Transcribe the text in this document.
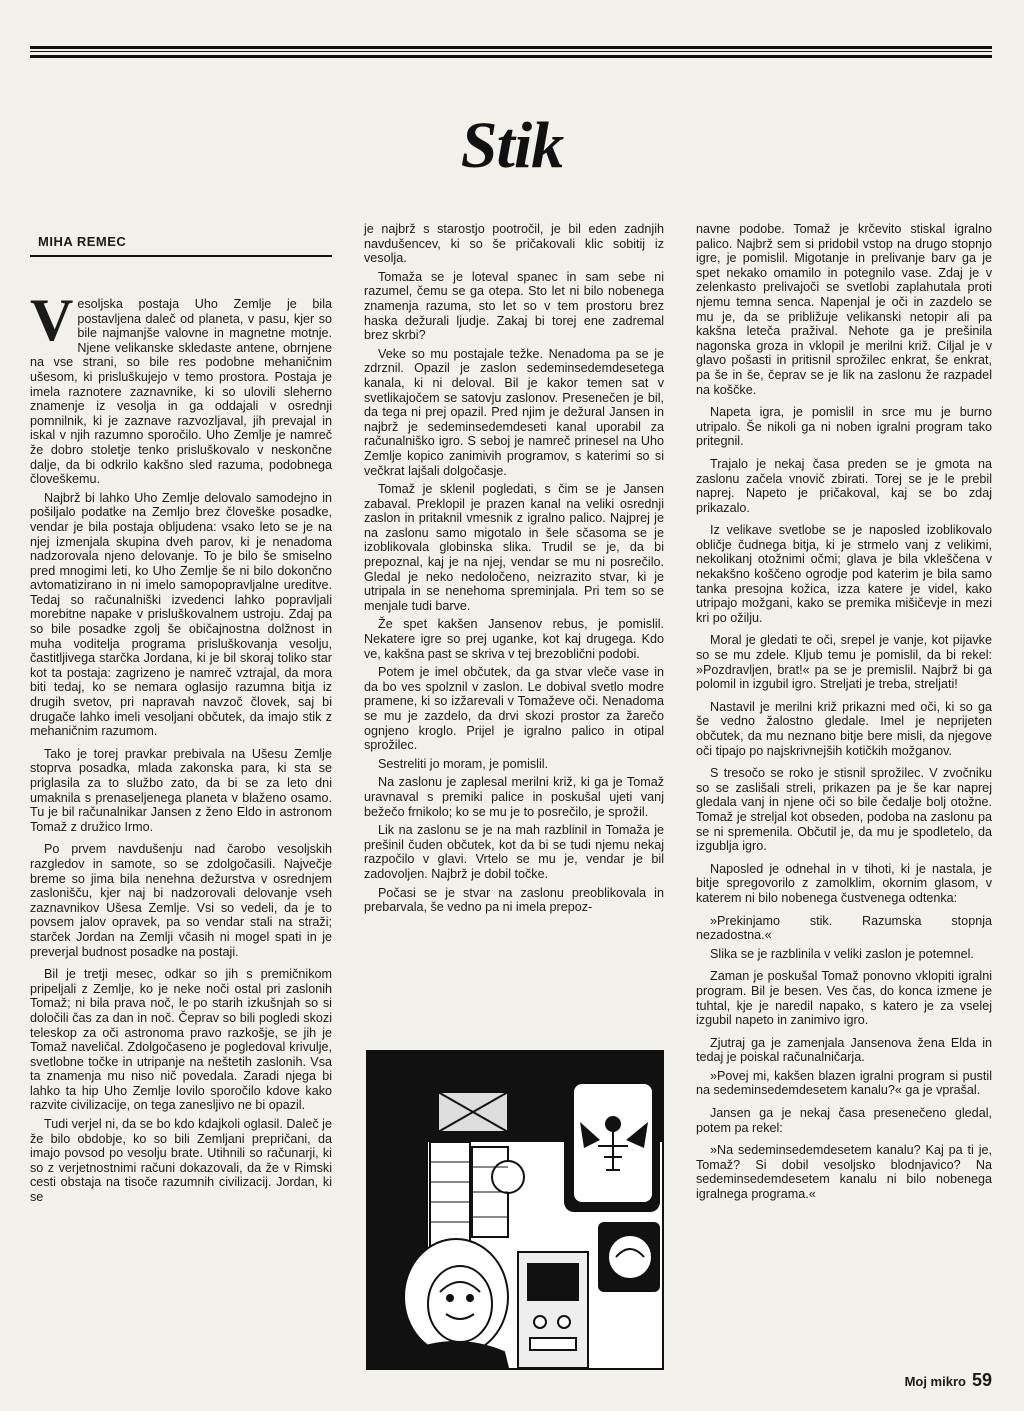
Stik
MIHA REMEC

Vesoljska postaja Uho Zemlje je bila postavljena daleč od planeta, v pasu, kjer so bile najmanjše valovne in magnetne motnje. Njene velikanske skledaste antene, obrnjene na vse strani, so bile res podobne mehaničnim ušesom, ki prisluškujejo v temo prostora. Postaja je imela raznotere zaznavnike, ki so ulovili sleherno znamenje iz vesolja in ga oddajali v osrednji pomnilnik, ki je zaznave razvozljaval, jih prevajal in iskal v njih razumno sporočilo. Uho Zemlje je namreč že dobro stoletje tenko prisluškovalo v neskončne dalje, da bi odkrilo kakšno sled razuma, podobnega človeškemu.

Najbrž bi lahko Uho Zemlje delovalo samodejno in pošiljalo podatke na Zemljo brez človeške posadke, vendar je bila postaja obljudena: vsako leto se je na njej izmenjala skupina dveh parov, ki je nenadoma nadzorovala njeno delovanje. To je bilo še smiselno pred mnogimi leti, ko Uho Zemlje še ni bilo dokončno avtomatizirano in ni imelo samopopravljalne ureditve. Tedaj so računalniški izvedenci lahko popravljali morebitne napake v prisluškovalnem ustroju. Zdaj pa so bile posadke zgolj še običajnostna dolžnost in muha voditelja programa prisluškovanja vesolju, častitljivega starčka Jordana, ki je bil skoraj toliko star kot ta postaja: zagrizeno je namreč vztrajal, da mora biti tedaj, ko se nemara oglasijo razumna bitja iz drugih svetov, pri napravah navzoč človek, saj bi drugače lahko imeli vesoljani občutek, da imajo stik z mehaničnim razumom.

Tako je torej pravkar prebivala na Ušesu Zemlje stoprva posadka, mlada zakonska para, ki sta se priglasila za to službo zato, da bi se za leto dni umaknila s prenaseljenega planeta v blaženo osamo. Tu je bil računalnikar Jansen z ženo Eldo in astronom Tomaž z družico Irmo.

Po prvem navdušenju nad čarobo vesoljskih razgledov in samote, so se zdolgočasili. Največje breme so jima bila nenehna dežurstva v osrednjem zaslonišču, kjer naj bi nadzorovali delovanje vseh zaznavnikov Ušesa Zemlje. Vsi so vedeli, da je to povsem jalov opravek, pa so vendar stali na straži; starček Jordan na Zemlji včasih ni mogel spati in je preverjal budnost posadke na postaji.

Bil je tretji mesec, odkar so jih s premičnikom pripeljali z Zemlje, ko je neke noči ostal pri zaslonih Tomaž; ni bila prava noč, le po starih izkušnjah so si določili čas za dan in noč. Čeprav so bili pogledi skozi teleskop za oči astronoma pravo razkošje, se jih je Tomaž naveličal. Zdolgočaseno je pogledoval krivulje, svetlobne točke in utripanje na neštetih zaslonih. Vsa ta znamenja mu niso nič povedala. Zaradi njega bi lahko ta hip Uho Zemlje lovilo sporočilo kdove kako razvite civilizacije, on tega zanesljivo ne bi opazil.

Tudi verjel ni, da se bo kdo kdajkoli oglasil. Daleč je že bilo obdobje, ko so bili Zemljani prepričani, da imajo povsod po vesolju brate. Utihnili so računarji, ki so z verjetnostnimi računi dokazovali, da že v Rimski cesti obstaja na tisoče razumnih civilizacij. Jordan, ki se

je najbrž s starostjo pootročil, je bil eden zadnjih navdušencev, ki so še pričakovali klic sobitij iz vesolja.

Tomaža se je loteval spanec in sam sebe ni razumel, čemu se ga otepa. Sto let ni bilo nobenega znamenja razuma, sto let so v tem prostoru brez haska dežurali ljudje. Zakaj bi torej ene zadremal brez skrbi?

Veke so mu postajale težke. Nenadoma pa se je zdrznil. Opazil je zaslon sedeminsedemdesetega kanala, ki ni deloval. Bil je kakor temen sat v svetlikajočem se satovju zaslonov. Presenečen je bil, da tega ni prej opazil. Pred njim je dežural Jansen in najbrž je sedeminsedemdeseti kanal uporabil za računalniško igro. S seboj je namreč prinesel na Uho Zemlje kopico zanimivih programov, s katerimi so si večkrat lajšali dolgočasje.

Tomaž je sklenil pogledati, s čim se je Jansen zabaval. Preklopil je prazen kanal na veliki osrednji zaslon in pritaknil vmesnik z igralno palico. Najprej je na zaslonu samo migotalo in šele sčasoma se je izoblikovala globinska slika. Trudil se je, da bi prepoznal, kaj je na njej, vendar se mu ni posrečilo. Gledal je neko nedoločeno, neizrazito stvar, ki je utripala in se nenehoma spreminjala. Pri tem so se menjale tudi barve.

Že spet kakšen Jansenov rebus, je pomislil. Nekatere igre so prej uganke, kot kaj drugega. Kdo ve, kakšna past se skriva v tej brezoblični podobi.

Potem je imel občutek, da ga stvar vleče vase in da bo ves spolznil v zaslon. Le dobival svetlo modre pramene, ki so izžarevali v Tomaževe oči. Nenadoma se mu je zazdelo, da drvi skozi prostor za žarečo ognjeno kroglo. Prijel je igralno palico in otipal sprožilec.

Sestreliti jo moram, je pomislil.

Na zaslonu je zaplesal merilni križ, ki ga je Tomaž uravnaval s premiki palice in poskušal ujeti vanj bežečo frnikolo; ko se mu je to posrečilo, je sprožil.

Lik na zaslonu se je na mah razblinil in Tomaža je prešinil čuden občutek, kot da bi se tudi njemu nekaj razpočilo v glavi. Vrtelo se mu je, vendar je bil zadovoljen. Najbrž je dobil točke.

Počasi se je stvar na zaslonu preoblikovala in prebarvala, še vedno pa ni imela prepoz-

navne podobe. Tomaž je krčevito stiskal igralno palico. Najbrž sem si pridobil vstop na drugo stopnjo igre, je pomislil. Migotanje in prelivanje barv ga je spet nekako omamilo in potegnilo vase. Zdaj je v zelenkasto prelivajoči se svetlobi zaplahutala proti njemu temna senca. Napenjal je oči in zazdelo se mu je, da se približuje velikanski netopir ali pa kakšna leteča pražival. Nehote ga je prešinila nagonska groza in vklopil je merilni križ. Ciljal je v glavo pošasti in pritisnil sprožilec enkrat, še enkrat, pa še in še, čeprav se je lik na zaslonu že razpadel na koščke.

Napeta igra, je pomislil in srce mu je burno utripalo. Še nikoli ga ni noben igralni program tako pritegnil.

Trajalo je nekaj časa preden se je gmota na zaslonu začela vnovič zbirati. Torej se je le prebil naprej. Napeto je pričakoval, kaj se bo zdaj prikazalo.

Iz velikave svetlobe se je naposled izoblikovalo obličje čudnega bitja, ki je strmelo vanj z velikimi, nekolikanj otožnimi očmi; glava je bila vkleščena v nekakšno koščeno ogrodje pod katerim je bila samo tanka presojna kožica, izza katere je videl, kako utripajo možgani, kako se premika mišičevje in mezi kri po ožilju.

Moral je gledati te oči, srepel je vanje, kot pijavke so se mu zdele. Kljub temu je pomislil, da bi rekel: »Pozdravljen, brat!« pa se je premislil. Najbrž bi ga polomil in izgubil igro. Streljati je treba, streljati!

Nastavil je merilni križ prikazni med oči, ki so ga še vedno žalostno gledale. Imel je neprijeten občutek, da mu neznano bitje bere misli, da njegove oči tipajo po najskrivnejših kotičkih možganov.

S tresočo se roko je stisnil sprožilec. V zvočniku so se zaslišali streli, prikazen pa je še kar naprej gledala vanj in njene oči so bile čedalje bolj otožne. Tomaž je streljal kot obseden, podoba na zaslonu pa se ni spremenila. Občutil je, da mu je spodletelo, da izgublja igro.

Naposled je odnehal in v tihoti, ki je nastala, je bitje spregovorilo z zamolklim, okornim glasom, v katerem ni bilo nobenega čustvenega odtenka:

»Prekinjamo stik. Razumska stopnja nezadostna.«

Slika se je razblinila v veliki zaslon je potemnel.

Zaman je poskušal Tomaž ponovno vklopiti igralni program. Bil je besen. Ves čas, do konca izmene je tuhtal, kje je naredil napako, s katero je za vselej izgubil napeto in zanimivo igro.

Zjutraj ga je zamenjala Jansenova žena Elda in tedaj je poiskal računalničarja.

»Povej mi, kakšen blazen igralni program si pustil na sedeminsedemdesetem kanalu?« ga je vprašal.

Jansen ga je nekaj časa presenečeno gledal, potem pa rekel:

»Na sedeminsedemdesetem kanalu? Kaj pa ti je, Tomaž? Si dobil vesoljsko blodnjavico? Na sedeminsedemdesetem kanalu ni bilo nobenega igralnega programa.«

Moj mikro 59
